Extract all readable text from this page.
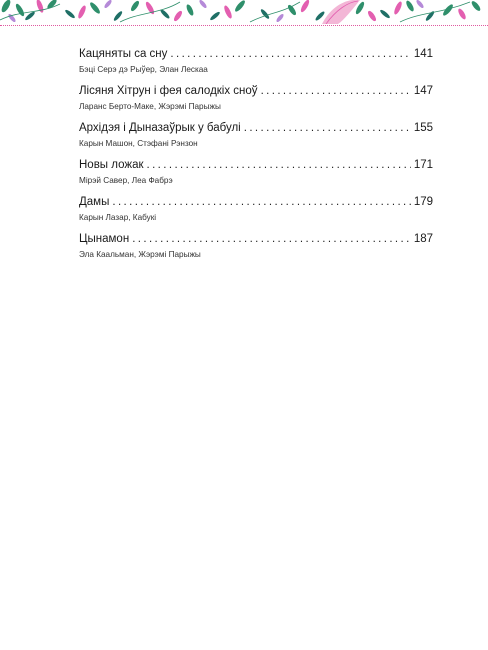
Кацяняты са сну . . .	141
Бэці Серэ дэ Рыўер, Элан Лескаа
Лісяня Хітрун і фея салодкіх сноў . . .	147
Ларанс Берто-Маке, Жэрэмі Парыжы
Архідэя і Дыназаўрык у бабулі . . .	155
Карын Машон, Стэфані Рэнзон
Новы ложак . . .	171
Мірэй Савер, Леа Фабрэ
Дамы . . .	179
Карын Лазар, Кабукі
Цынамон . . .	187
Эла Каальман, Жэрэмі Парыжы
